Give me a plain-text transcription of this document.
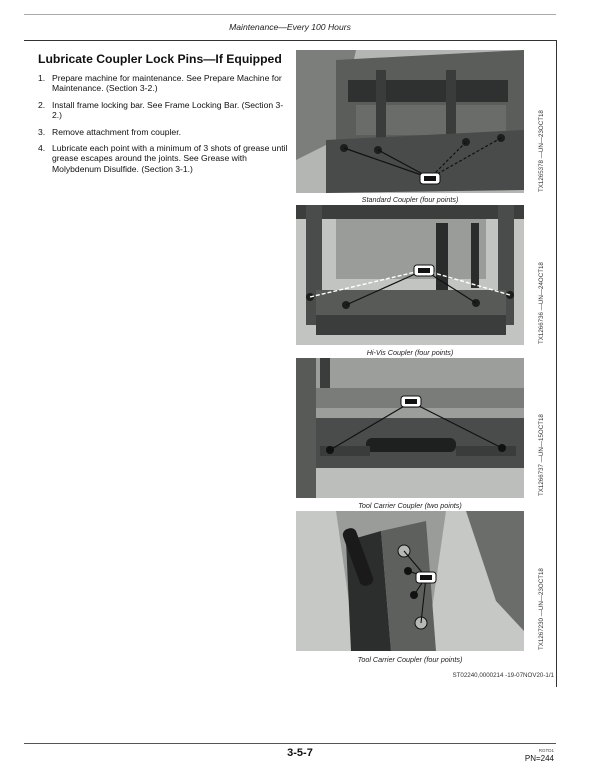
Maintenance—Every 100 Hours
Lubricate Coupler Lock Pins—If Equipped
1. Prepare machine for maintenance. See Prepare Machine for Maintenance. (Section 3-2.)
2. Install frame locking bar. See Frame Locking Bar. (Section 3-2.)
3. Remove attachment from coupler.
4. Lubricate each point with a minimum of 3 shots of grease until grease escapes around the joints. See Grease with Molybdenum Disulfide. (Section 3-1.)
Standard Coupler (four points)
TX1265378 —UN—23OCT18
Hi-Vis Coupler (four points)
TX1266736 —UN—24OCT18
Tool Carrier Coupler (two points)
TX1266737 —UN—15OCT18
Tool Carrier Coupler (four points)
TX1267230 —UN—23OCT18
ST02240,0000214 -19-07NOV20-1/1
3-5-7	RGTD1
PN=244
